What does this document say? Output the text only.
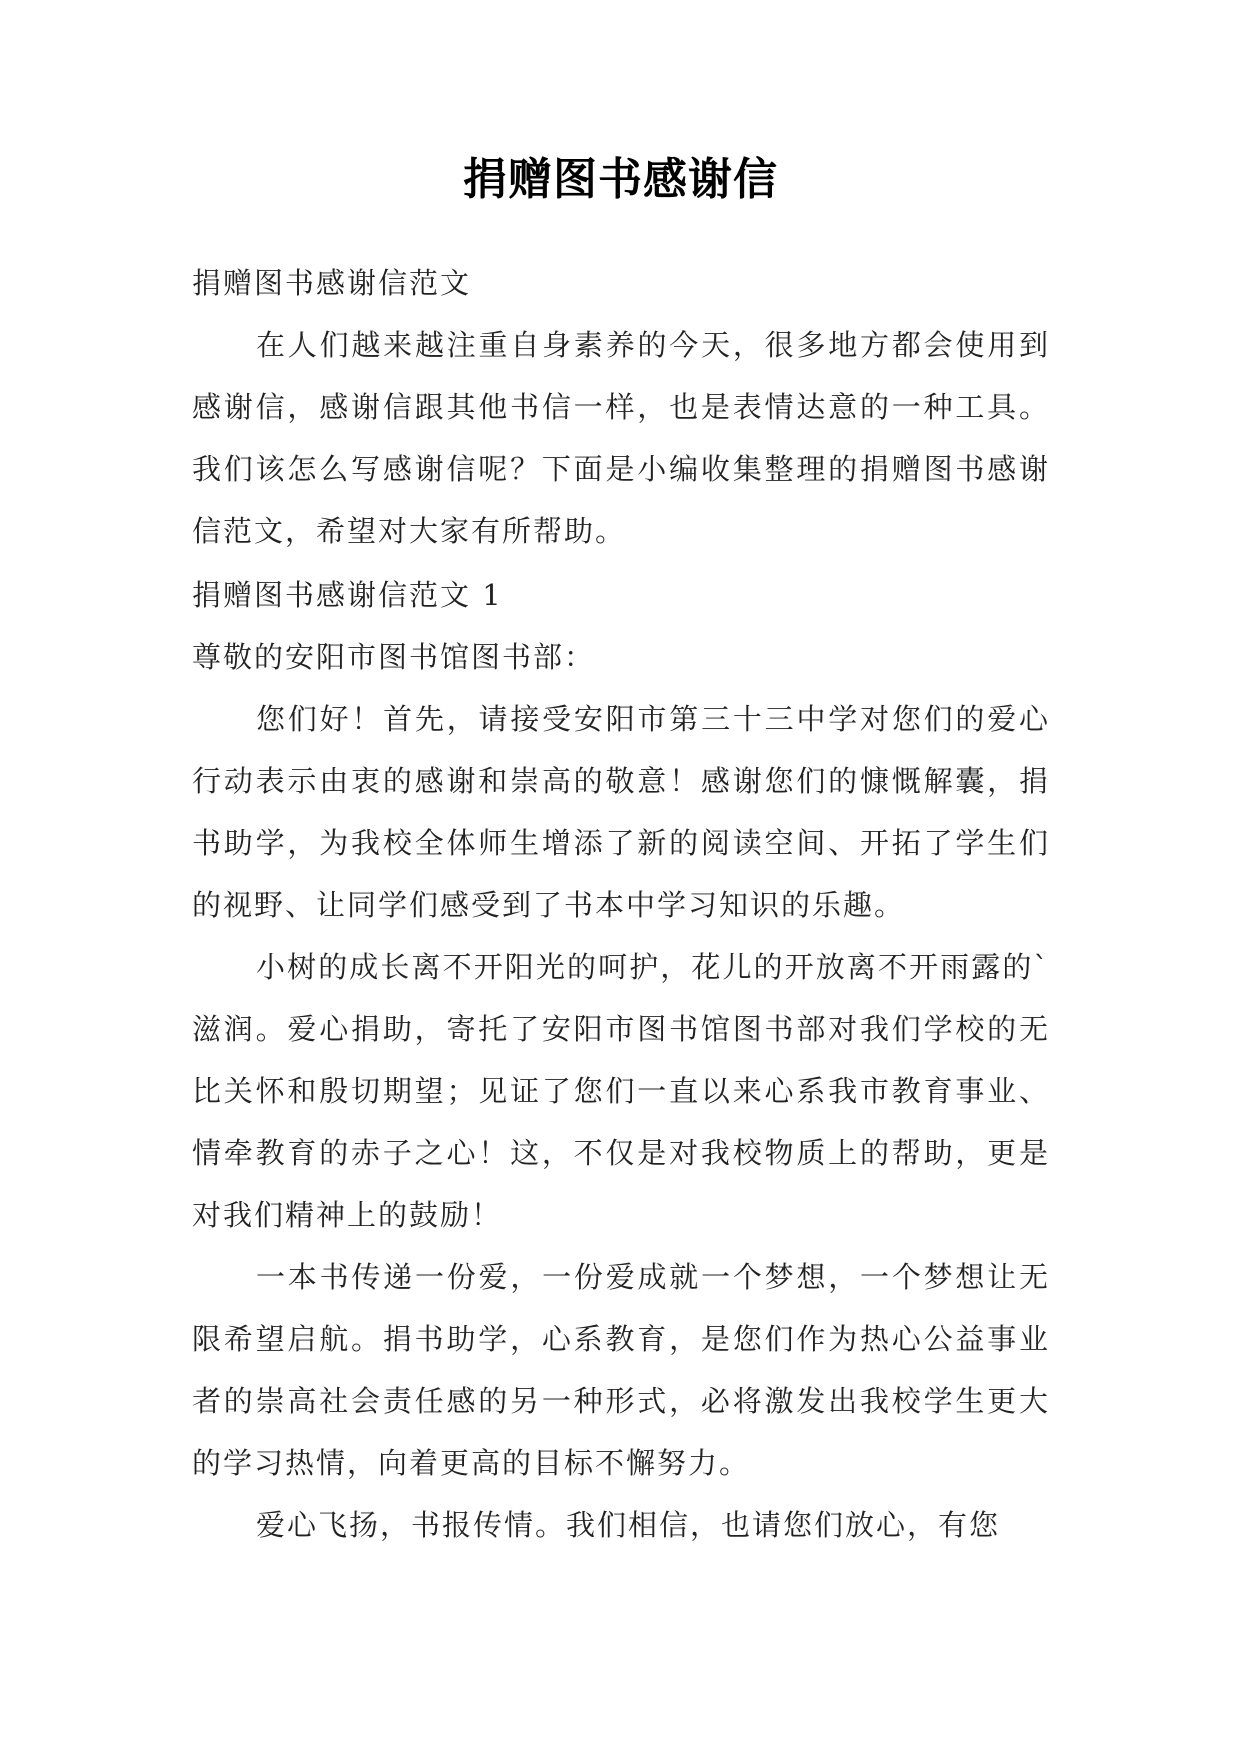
捐赠图书感谢信

捐赠图书感谢信范文

在人们越来越注重自身素养的今天，很多地方都会使用到感谢信，感谢信跟其他书信一样，也是表情达意的一种工具。我们该怎么写感谢信呢？下面是小编收集整理的捐赠图书感谢信范文，希望对大家有所帮助。

捐赠图书感谢信范文 1

尊敬的安阳市图书馆图书部：

您们好！首先，请接受安阳市第三十三中学对您们的爱心行动表示由衷的感谢和崇高的敬意！感谢您们的慷慨解囊，捐书助学，为我校全体师生增添了新的阅读空间、开拓了学生们的视野、让同学们感受到了书本中学习知识的乐趣。

小树的成长离不开阳光的呵护，花儿的开放离不开雨露的`滋润。爱心捐助，寄托了安阳市图书馆图书部对我们学校的无比关怀和殷切期望；见证了您们一直以来心系我市教育事业、情牵教育的赤子之心！这，不仅是对我校物质上的帮助，更是对我们精神上的鼓励！

一本书传递一份爱，一份爱成就一个梦想，一个梦想让无限希望启航。捐书助学，心系教育，是您们作为热心公益事业者的崇高社会责任感的另一种形式，必将激发出我校学生更大的学习热情，向着更高的目标不懈努力。

爱心飞扬，书报传情。我们相信，也请您们放心，有您
